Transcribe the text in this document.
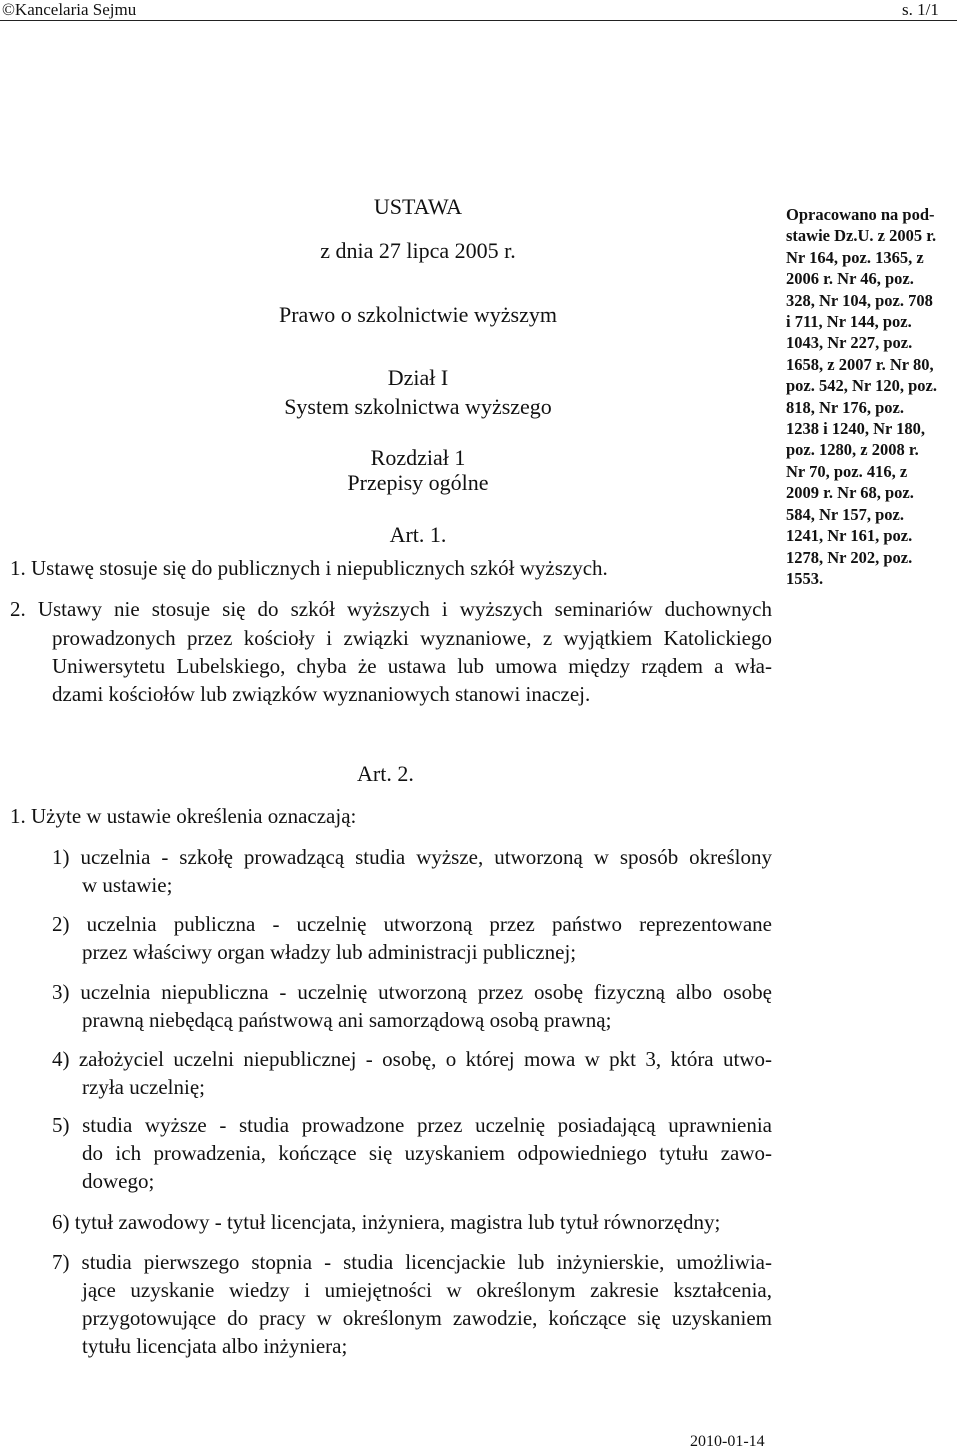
©Kancelaria Sejmu	s. 1/1
USTAWA
z dnia 27 lipca 2005 r.
Prawo o szkolnictwie wyższym
Dział I
System szkolnictwa wyższego
Rozdział 1
Przepisy ogólne
Art. 1.
Opracowano na pod-
stawie Dz.U. z 2005 r.
Nr 164, poz. 1365, z
2006 r. Nr 46, poz.
328, Nr 104, poz. 708
i 711, Nr 144, poz.
1043, Nr 227, poz.
1658, z 2007 r. Nr 80,
poz. 542, Nr 120, poz.
818, Nr 176, poz.
1238 i 1240, Nr 180,
poz. 1280, z 2008 r.
Nr 70, poz. 416, z
2009 r. Nr 68, poz.
584, Nr 157, poz.
1241, Nr 161, poz.
1278, Nr 202, poz.
1553.
1. Ustawę stosuje się do publicznych i niepublicznych szkół wyższych.
2. Ustawy nie stosuje się do szkół wyższych i wyższych seminariów duchownych
prowadzonych przez kościoły i związki wyznaniowe, z wyjątkiem Katolickiego
Uniwersytetu Lubelskiego, chyba że ustawa lub umowa między rządem a wła-
dzami kościołów lub związków wyznaniowych stanowi inaczej.
Art. 2.
1. Użyte w ustawie określenia oznaczają:
1) uczelnia - szkołę prowadzącą studia wyższe, utworzoną w sposób określony
w ustawie;
2) uczelnia publiczna - uczelnię utworzoną przez państwo reprezentowane
przez właściwy organ władzy lub administracji publicznej;
3) uczelnia niepubliczna - uczelnię utworzoną przez osobę fizyczną albo osobę
prawną niebędącą państwową ani samorządową osobą prawną;
4) założyciel uczelni niepublicznej - osobę, o której mowa w pkt 3, która utwo-
rzyła uczelnię;
5) studia wyższe - studia prowadzone przez uczelnię posiadającą uprawnienia
do ich prowadzenia, kończące się uzyskaniem odpowiedniego tytułu zawo-
dowego;
6) tytuł zawodowy - tytuł licencjata, inżyniera, magistra lub tytuł równorzędny;
7) studia pierwszego stopnia - studia licencjackie lub inżynierskie, umożliwia-
jące uzyskanie wiedzy i umiejętności w określonym zakresie kształcenia,
przygotowujące do pracy w określonym zawodzie, kończące się uzyskaniem
tytułu licencjata albo inżyniera;
2010-01-14
